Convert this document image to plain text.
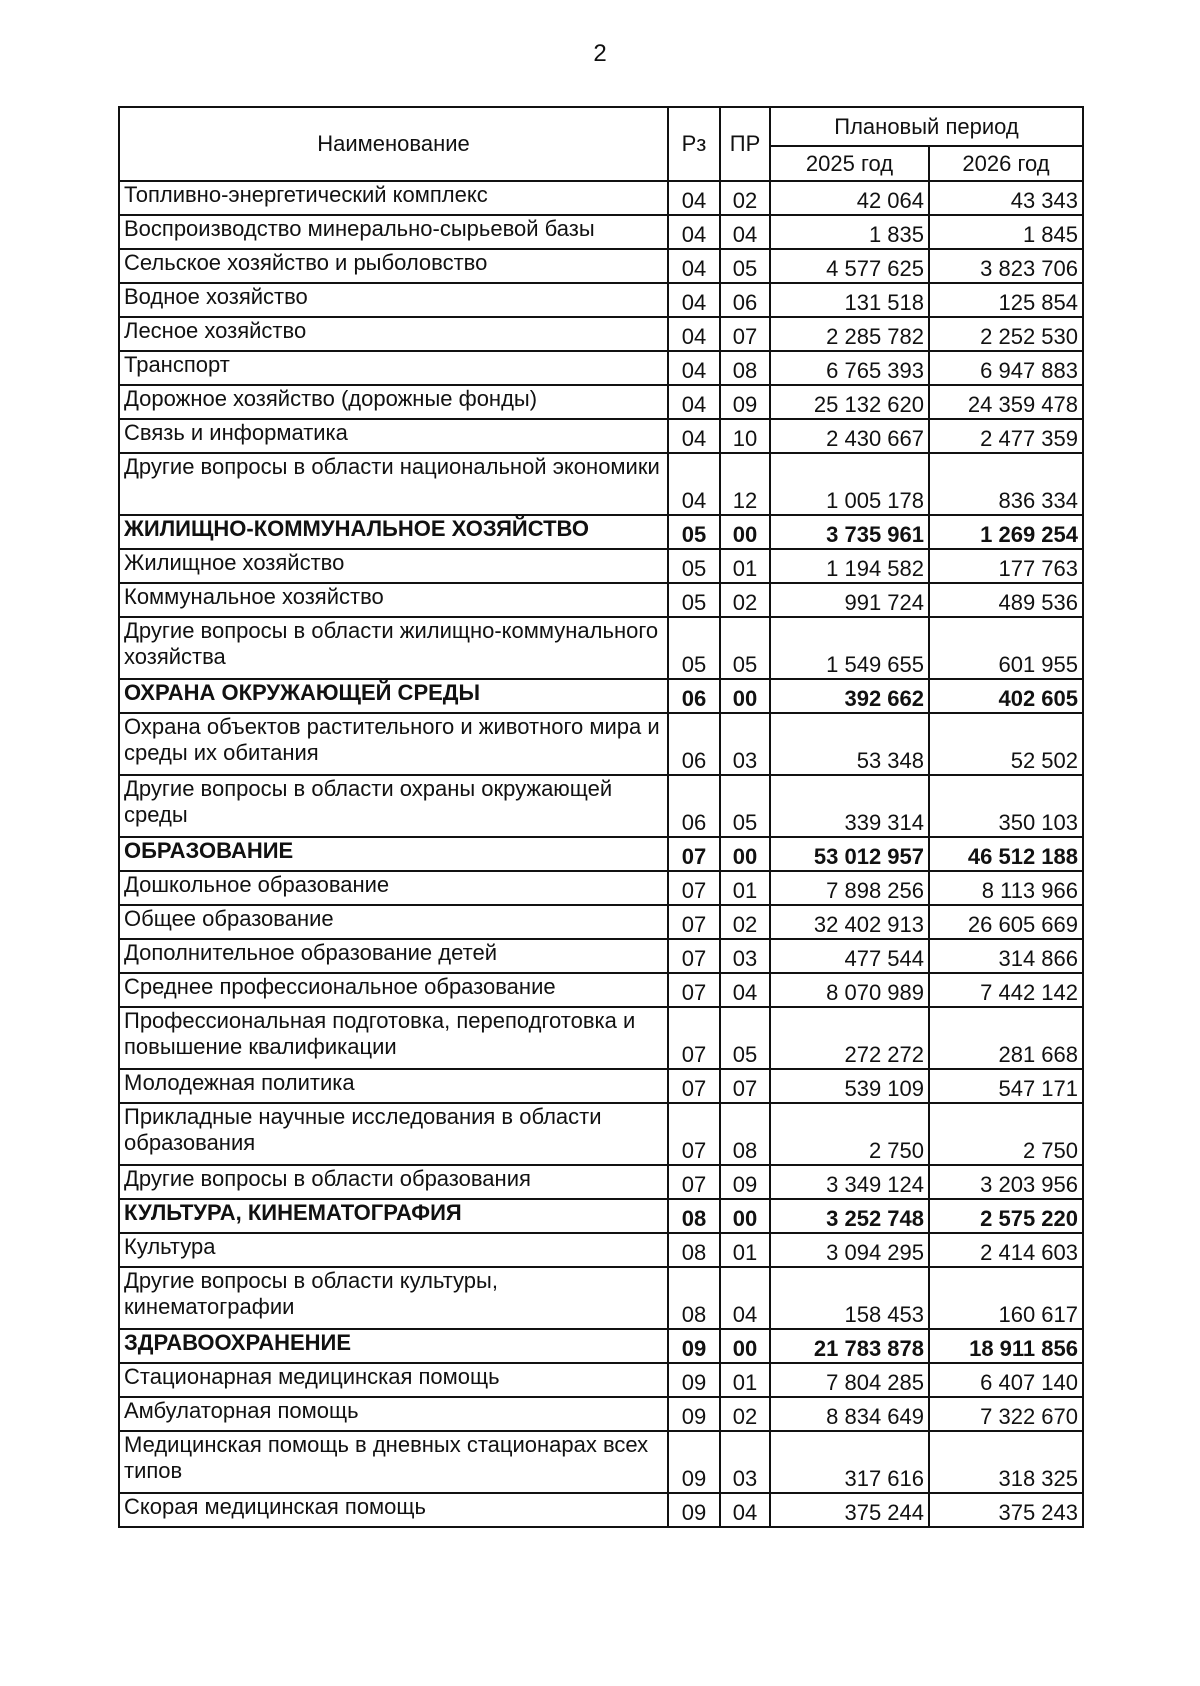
2
Наименование	Рз	ПР	Плановый период	
			2025 год	2026 год
Топливно-энергетический комплекс	04	02	42 064	43 343
Воспроизводство минерально-сырьевой базы	04	04	1 835	1 845
Сельское хозяйство и рыболовство	04	05	4 577 625	3 823 706
Водное хозяйство	04	06	131 518	125 854
Лесное хозяйство	04	07	2 285 782	2 252 530
Транспорт	04	08	6 765 393	6 947 883
Дорожное хозяйство (дорожные фонды)	04	09	25 132 620	24 359 478
Связь и информатика	04	10	2 430 667	2 477 359
Другие вопросы в области национальной экономики	04	12	1 005 178	836 334
ЖИЛИЩНО-КОММУНАЛЬНОЕ ХОЗЯЙСТВО	05	00	3 735 961	1 269 254
Жилищное хозяйство	05	01	1 194 582	177 763
Коммунальное хозяйство	05	02	991 724	489 536
Другие вопросы в области жилищно-коммунального хозяйства	05	05	1 549 655	601 955
ОХРАНА ОКРУЖАЮЩЕЙ СРЕДЫ	06	00	392 662	402 605
Охрана объектов растительного и животного мира и среды их обитания	06	03	53 348	52 502
Другие вопросы в области охраны окружающей среды	06	05	339 314	350 103
ОБРАЗОВАНИЕ	07	00	53 012 957	46 512 188
Дошкольное образование	07	01	7 898 256	8 113 966
Общее образование	07	02	32 402 913	26 605 669
Дополнительное образование детей	07	03	477 544	314 866
Среднее профессиональное образование	07	04	8 070 989	7 442 142
Профессиональная подготовка, переподготовка и повышение квалификации	07	05	272 272	281 668
Молодежная политика	07	07	539 109	547 171
Прикладные научные исследования в области образования	07	08	2 750	2 750
Другие вопросы в области образования	07	09	3 349 124	3 203 956
КУЛЬТУРА, КИНЕМАТОГРАФИЯ	08	00	3 252 748	2 575 220
Культура	08	01	3 094 295	2 414 603
Другие вопросы в области культуры, кинематографии	08	04	158 453	160 617
ЗДРАВООХРАНЕНИЕ	09	00	21 783 878	18 911 856
Стационарная медицинская помощь	09	01	7 804 285	6 407 140
Амбулаторная помощь	09	02	8 834 649	7 322 670
Медицинская помощь в дневных стационарах всех типов	09	03	317 616	318 325
Скорая медицинская помощь	09	04	375 244	375 243
